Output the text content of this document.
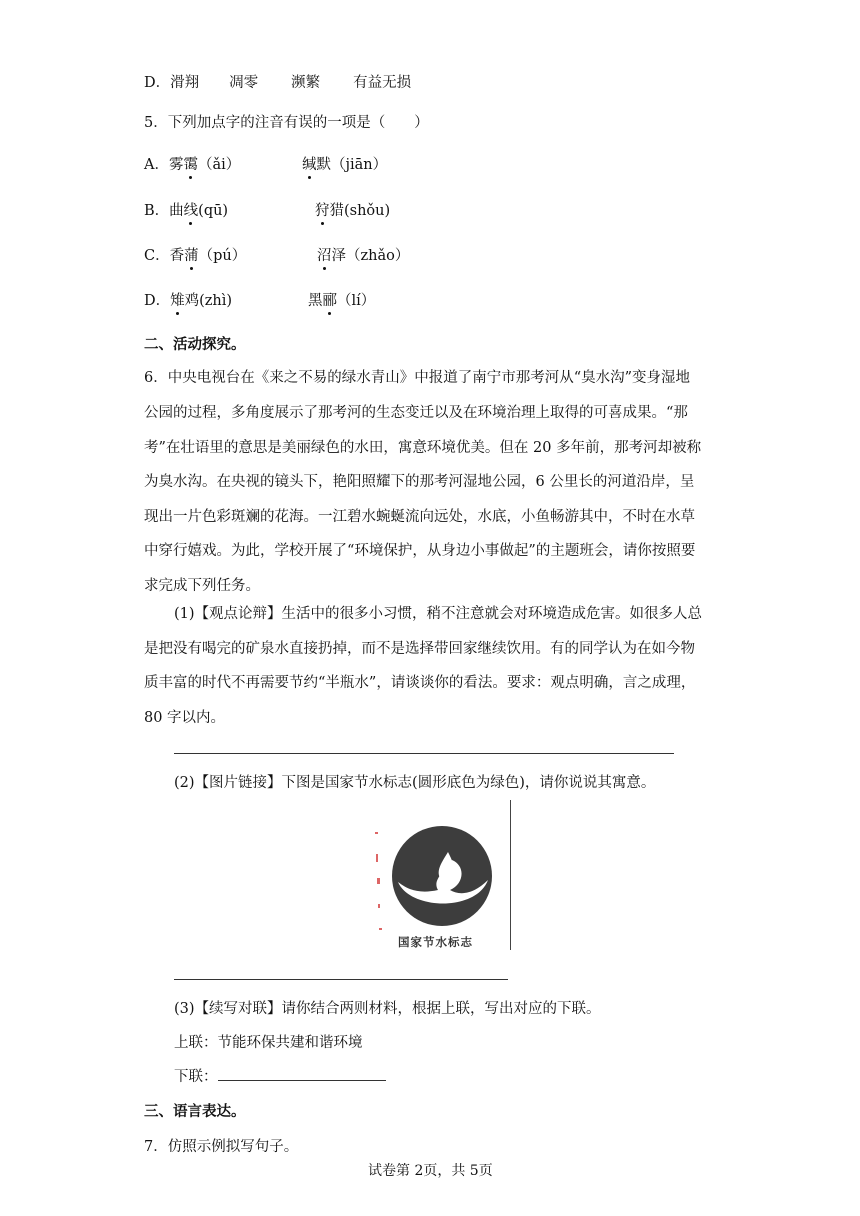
D．滑翔 凋零 濒繁 有益无损
5．下列加点字的注音有误的一项是（　　）
A．雾霭（ǎi）	缄默（jiān）
B．曲线(qū)	狩猎(shǒu)
C．香蒲（pú）	沼泽（zhǎo）
D．雉鸡(zhì)	黑郦（lí）
二、活动探究。
6．中央电视台在《来之不易的绿水青山》中报道了南宁市那考河从“臭水沟”变身湿地
公园的过程，多角度展示了那考河的生态变迁以及在环境治理上取得的可喜成果。“那
考”在壮语里的意思是美丽绿色的水田，寓意环境优美。但在 20 多年前，那考河却被称
为臭水沟。在央视的镜头下，艳阳照耀下的那考河湿地公园，6 公里长的河道沿岸，呈
现出一片色彩斑斓的花海。一江碧水蜿蜒流向远处，水底，小鱼畅游其中，不时在水草
中穿行嬉戏。为此，学校开展了“环境保护，从身边小事做起”的主题班会，请你按照要
求完成下列任务。
(1)【观点论辩】生活中的很多小习惯，稍不注意就会对环境造成危害。如很多人总
是把没有喝完的矿泉水直接扔掉，而不是选择带回家继续饮用。有的同学认为在如今物
质丰富的时代不再需要节约“半瓶水”，请谈谈你的看法。要求：观点明确，言之成理，
80 字以内。
(2)【图片链接】下图是国家节水标志(圆形底色为绿色)，请你说说其寓意。
国家节水标志
(3)【续写对联】请你结合两则材料，根据上联，写出对应的下联。
上联：节能环保共建和谐环境
下联：
三、语言表达。
7．仿照示例拟写句子。
试卷第 2页，共 5页
